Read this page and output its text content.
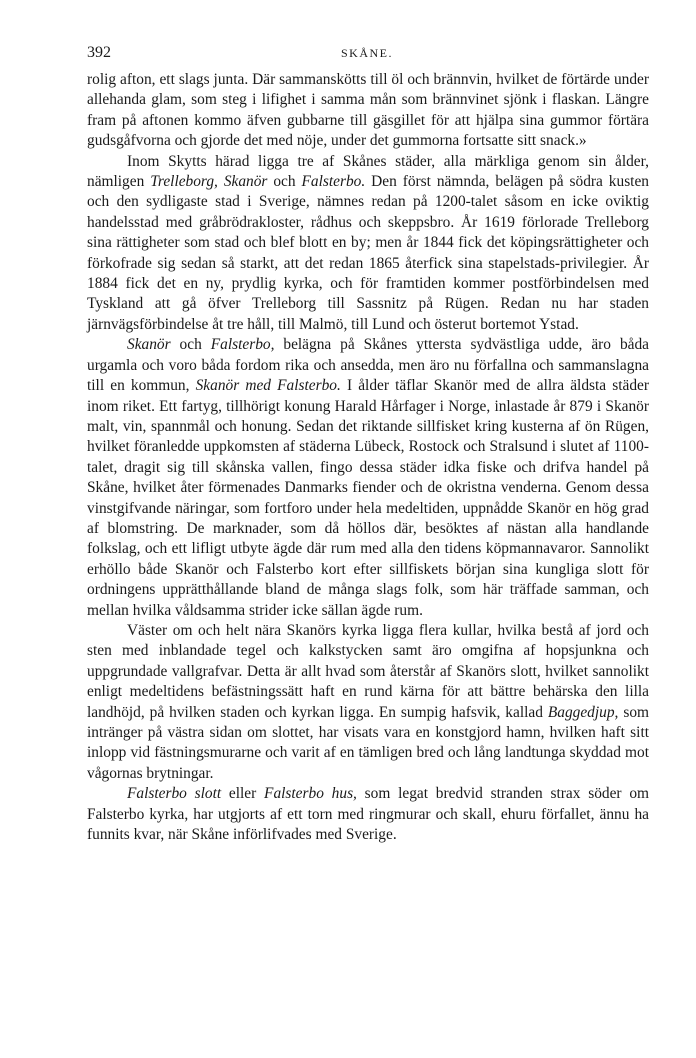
392	SKÅNE.

rolig afton, ett slags junta. Där sammanskötts till öl och brännvin, hvilket de förtärde under allehanda glam, som steg i lifighet i samma mån som brännvinet sjönk i flaskan. Längre fram på aftonen kommo äfven gubbarne till gäsgillet för att hjälpa sina gummor förtära gudsgåfvorna och gjorde det med nöje, under det gummorna fortsatte sitt snack.»

Inom Skytts härad ligga tre af Skånes städer, alla märkliga genom sin ålder, nämligen Trelleborg, Skanör och Falsterbo. Den först nämnda, belägen på södra kusten och den sydligaste stad i Sverige, nämnes redan på 1200-talet såsom en icke oviktig handelsstad med gråbrödrakloster, rådhus och skeppsbro. År 1619 förlorade Trelleborg sina rättigheter som stad och blef blott en by; men år 1844 fick det köpingsrättigheter och förkofrade sig sedan så starkt, att det redan 1865 återfick sina stapelstads-privilegier. År 1884 fick det en ny, prydlig kyrka, och för framtiden kommer postförbindelsen med Tyskland att gå öfver Trelleborg till Sassnitz på Rügen. Redan nu har staden järnvägsförbindelse åt tre håll, till Malmö, till Lund och österut bortemot Ystad.

Skanör och Falsterbo, belägna på Skånes yttersta sydvästliga udde, äro båda urgamla och voro båda fordom rika och ansedda, men äro nu förfallna och sammanslagna till en kommun, Skanör med Falsterbo. I ålder täflar Skanör med de allra äldsta städer inom riket. Ett fartyg, tillhörigt konung Harald Hårfager i Norge, inlastade år 879 i Skanör malt, vin, spannmål och honung. Sedan det riktande sillfisket kring kusterna af ön Rügen, hvilket föranledde uppkomsten af städerna Lübeck, Rostock och Stralsund i slutet af 1100-talet, dragit sig till skånska vallen, fingo dessa städer idka fiske och drifva handel på Skåne, hvilket åter förmenades Danmarks fiender och de okristna venderna. Genom dessa vinstgifvande näringar, som fortforo under hela medeltiden, uppnådde Skanör en hög grad af blomstring. De marknader, som då höllos där, besöktes af nästan alla handlande folkslag, och ett lifligt utbyte ägde där rum med alla den tidens köpmannavaror. Sannolikt erhöllo både Skanör och Falsterbo kort efter sillfiskets början sina kungliga slott för ordningens upprätthållande bland de många slags folk, som här träffade samman, och mellan hvilka våldsamma strider icke sällan ägde rum.

Väster om och helt nära Skanörs kyrka ligga flera kullar, hvilka bestå af jord och sten med inblandade tegel och kalkstycken samt äro omgifna af hopsjunkna och uppgrundade vallgrafvar. Detta är allt hvad som återstår af Skanörs slott, hvilket sannolikt enligt medeltidens befästningssätt haft en rund kärna för att bättre behärska den lilla landhöjd, på hvilken staden och kyrkan ligga. En sumpig hafsvik, kallad Baggedjup, som intränger på västra sidan om slottet, har visats vara en konstgjord hamn, hvilken haft sitt inlopp vid fästningsmurarne och varit af en tämligen bred och lång landtunga skyddad mot vågornas brytningar.

Falsterbo slott eller Falsterbo hus, som legat bredvid stranden strax söder om Falsterbo kyrka, har utgjorts af ett torn med ringmurar och skall, ehuru förfallet, ännu ha funnits kvar, när Skåne införlifvades med Sverige.
